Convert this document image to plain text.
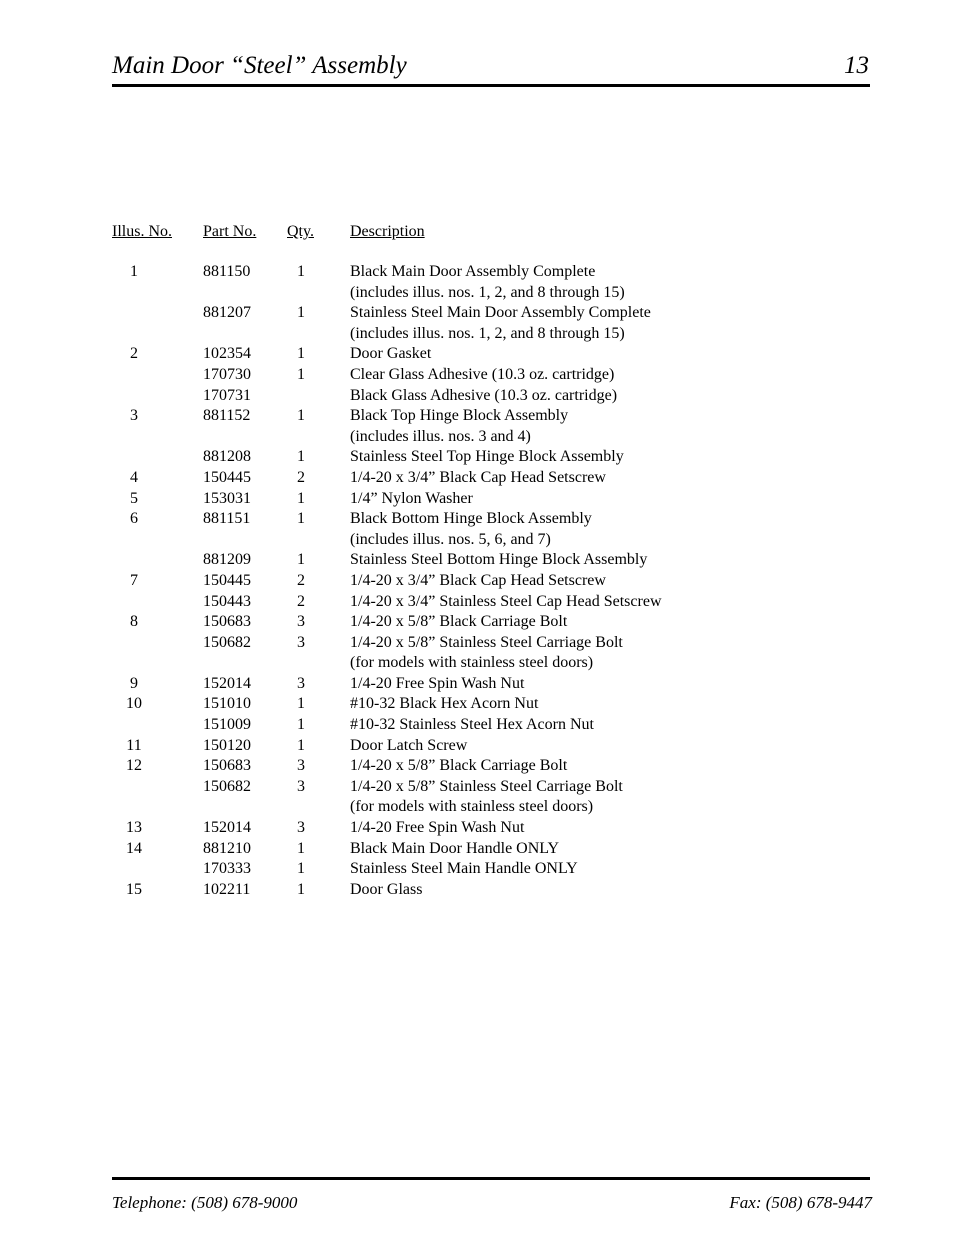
Main Door “Steel” Assembly	13
Illus. No. Part No. Qty. Description
1	881150	1	Black Main Door Assembly Complete
(includes illus. nos. 1, 2, and 8 through 15)
881207	1	Stainless Steel Main Door Assembly Complete
(includes illus. nos. 1, 2, and 8 through 15)
2	102354	1	Door Gasket
170730	1	Clear Glass Adhesive (10.3 oz. cartridge)
170731	Black Glass Adhesive (10.3 oz. cartridge)
3	881152	1	Black Top Hinge Block Assembly
(includes illus. nos. 3 and 4)
881208	1	Stainless Steel Top Hinge Block Assembly
4	150445	2	1/4-20 x 3/4” Black Cap Head Setscrew
5	153031	1	1/4” Nylon Washer
6	881151	1	Black Bottom Hinge Block Assembly
(includes illus. nos. 5, 6, and 7)
881209	1	Stainless Steel Bottom Hinge Block Assembly
7	150445	2	1/4-20 x 3/4” Black Cap Head Setscrew
150443	2	1/4-20 x 3/4” Stainless Steel Cap Head Setscrew
8	150683	3	1/4-20 x 5/8” Black Carriage Bolt
150682	3	1/4-20 x 5/8” Stainless Steel Carriage Bolt
(for models with stainless steel doors)
9	152014	3	1/4-20 Free Spin Wash Nut
10	151010	1	#10-32 Black Hex Acorn Nut
151009	1	#10-32 Stainless Steel Hex Acorn Nut
11	150120	1	Door Latch Screw
12	150683	3	1/4-20 x 5/8” Black Carriage Bolt
150682	3	1/4-20 x 5/8” Stainless Steel Carriage Bolt
(for models with stainless steel doors)
13	152014	3	1/4-20 Free Spin Wash Nut
14	881210	1	Black Main Door Handle ONLY
170333	1	Stainless Steel Main Handle ONLY
15	102211	1	Door Glass
Telephone: (508) 678-9000	Fax: (508) 678-9447
